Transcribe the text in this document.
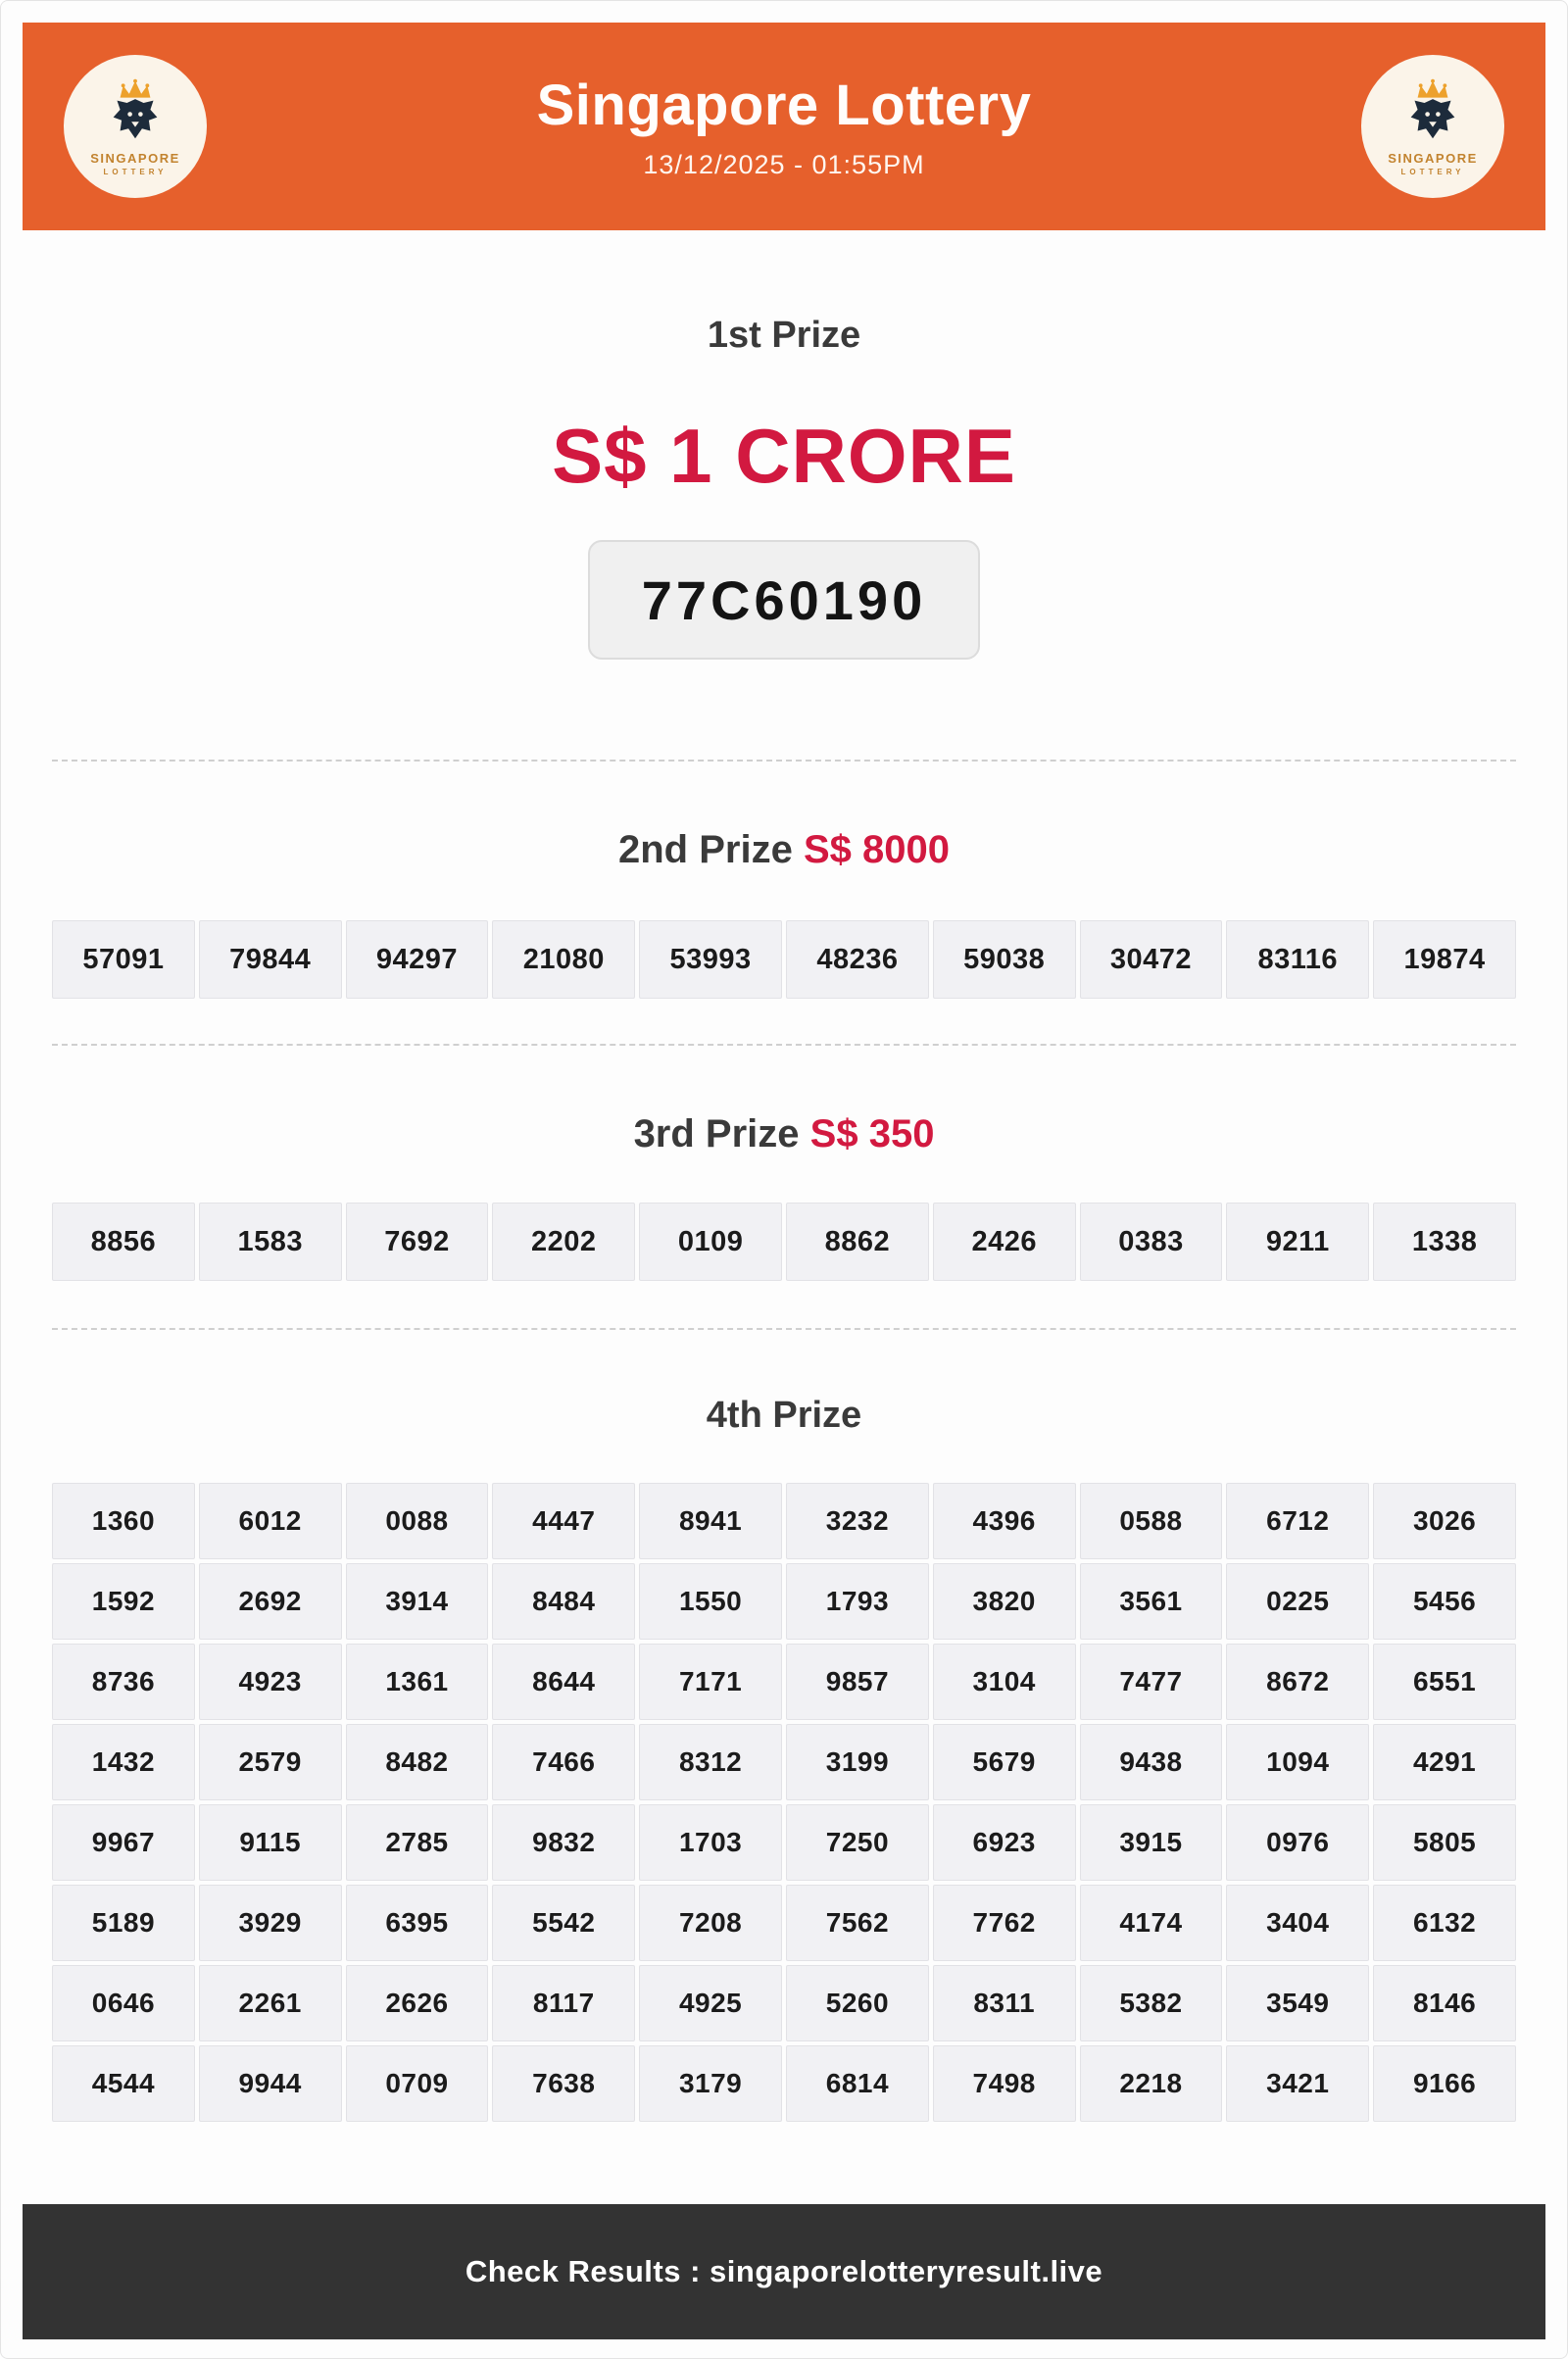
SINGAPORE
LOTTERY
Singapore Lottery
13/12/2025 - 01:55PM	SINGAPORE
LOTTERY
1st Prize
S$ 1 CRORE
77C60190
2nd Prize S$ 8000
57091	79844	94297	21080	53993	48236	59038	30472	83116	19874
3rd Prize S$ 350
8856	1583	7692	2202	0109	8862	2426	0383	9211	1338
4th Prize
1360	6012	0088	4447	8941	3232	4396	0588	6712	3026
1592	2692	3914	8484	1550	1793	3820	3561	0225	5456
8736	4923	1361	8644	7171	9857	3104	7477	8672	6551
1432	2579	8482	7466	8312	3199	5679	9438	1094	4291
9967	9115	2785	9832	1703	7250	6923	3915	0976	5805
5189	3929	6395	5542	7208	7562	7762	4174	3404	6132
0646	2261	2626	8117	4925	5260	8311	5382	3549	8146
4544	9944	0709	7638	3179	6814	7498	2218	3421	9166
Check Results : singaporelotteryresult.live
